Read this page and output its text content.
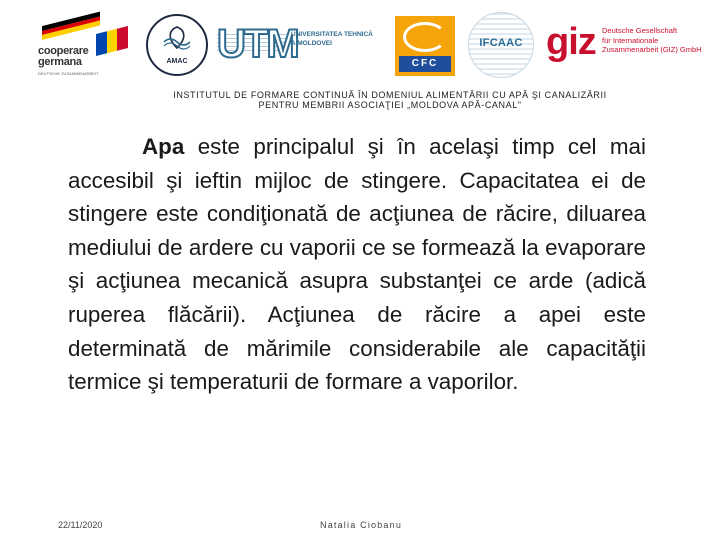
cooperare
germana
DEUTSCHE ZUSAMMENARBEIT
AMAC UTM
UNIVERSITATEA TEHNICĂ
A MOLDOVEI
CFC
IFCAAC giz Deutsche Gesellschaft
für Internationale
Zusammenarbeit (GIZ) GmbH
INSTITUTUL DE FORMARE CONTINUĂ ÎN DOMENIUL ALIMENTĂRII CU APĂ ŞI CANALIZĂRII
PENTRU MEMBRII ASOCIAŢIEI „MOLDOVA APĂ-CANAL”

Apa este principalul şi în acelaşi timp cel mai accesibil şi ieftin mijloc de stingere. Capacitatea ei de stingere este condiţionată de acţiunea de răcire, diluarea mediului de ardere cu vaporii ce se formează la evaporare şi acţiunea mecanică asupra substanţei ce arde (adică ruperea flăcării). Acţiunea de răcire a apei este determinată de mărimile considerabile ale capacităţii termice şi temperaturii de formare a vaporilor.

22/11/2020	Natalia Ciobanu
